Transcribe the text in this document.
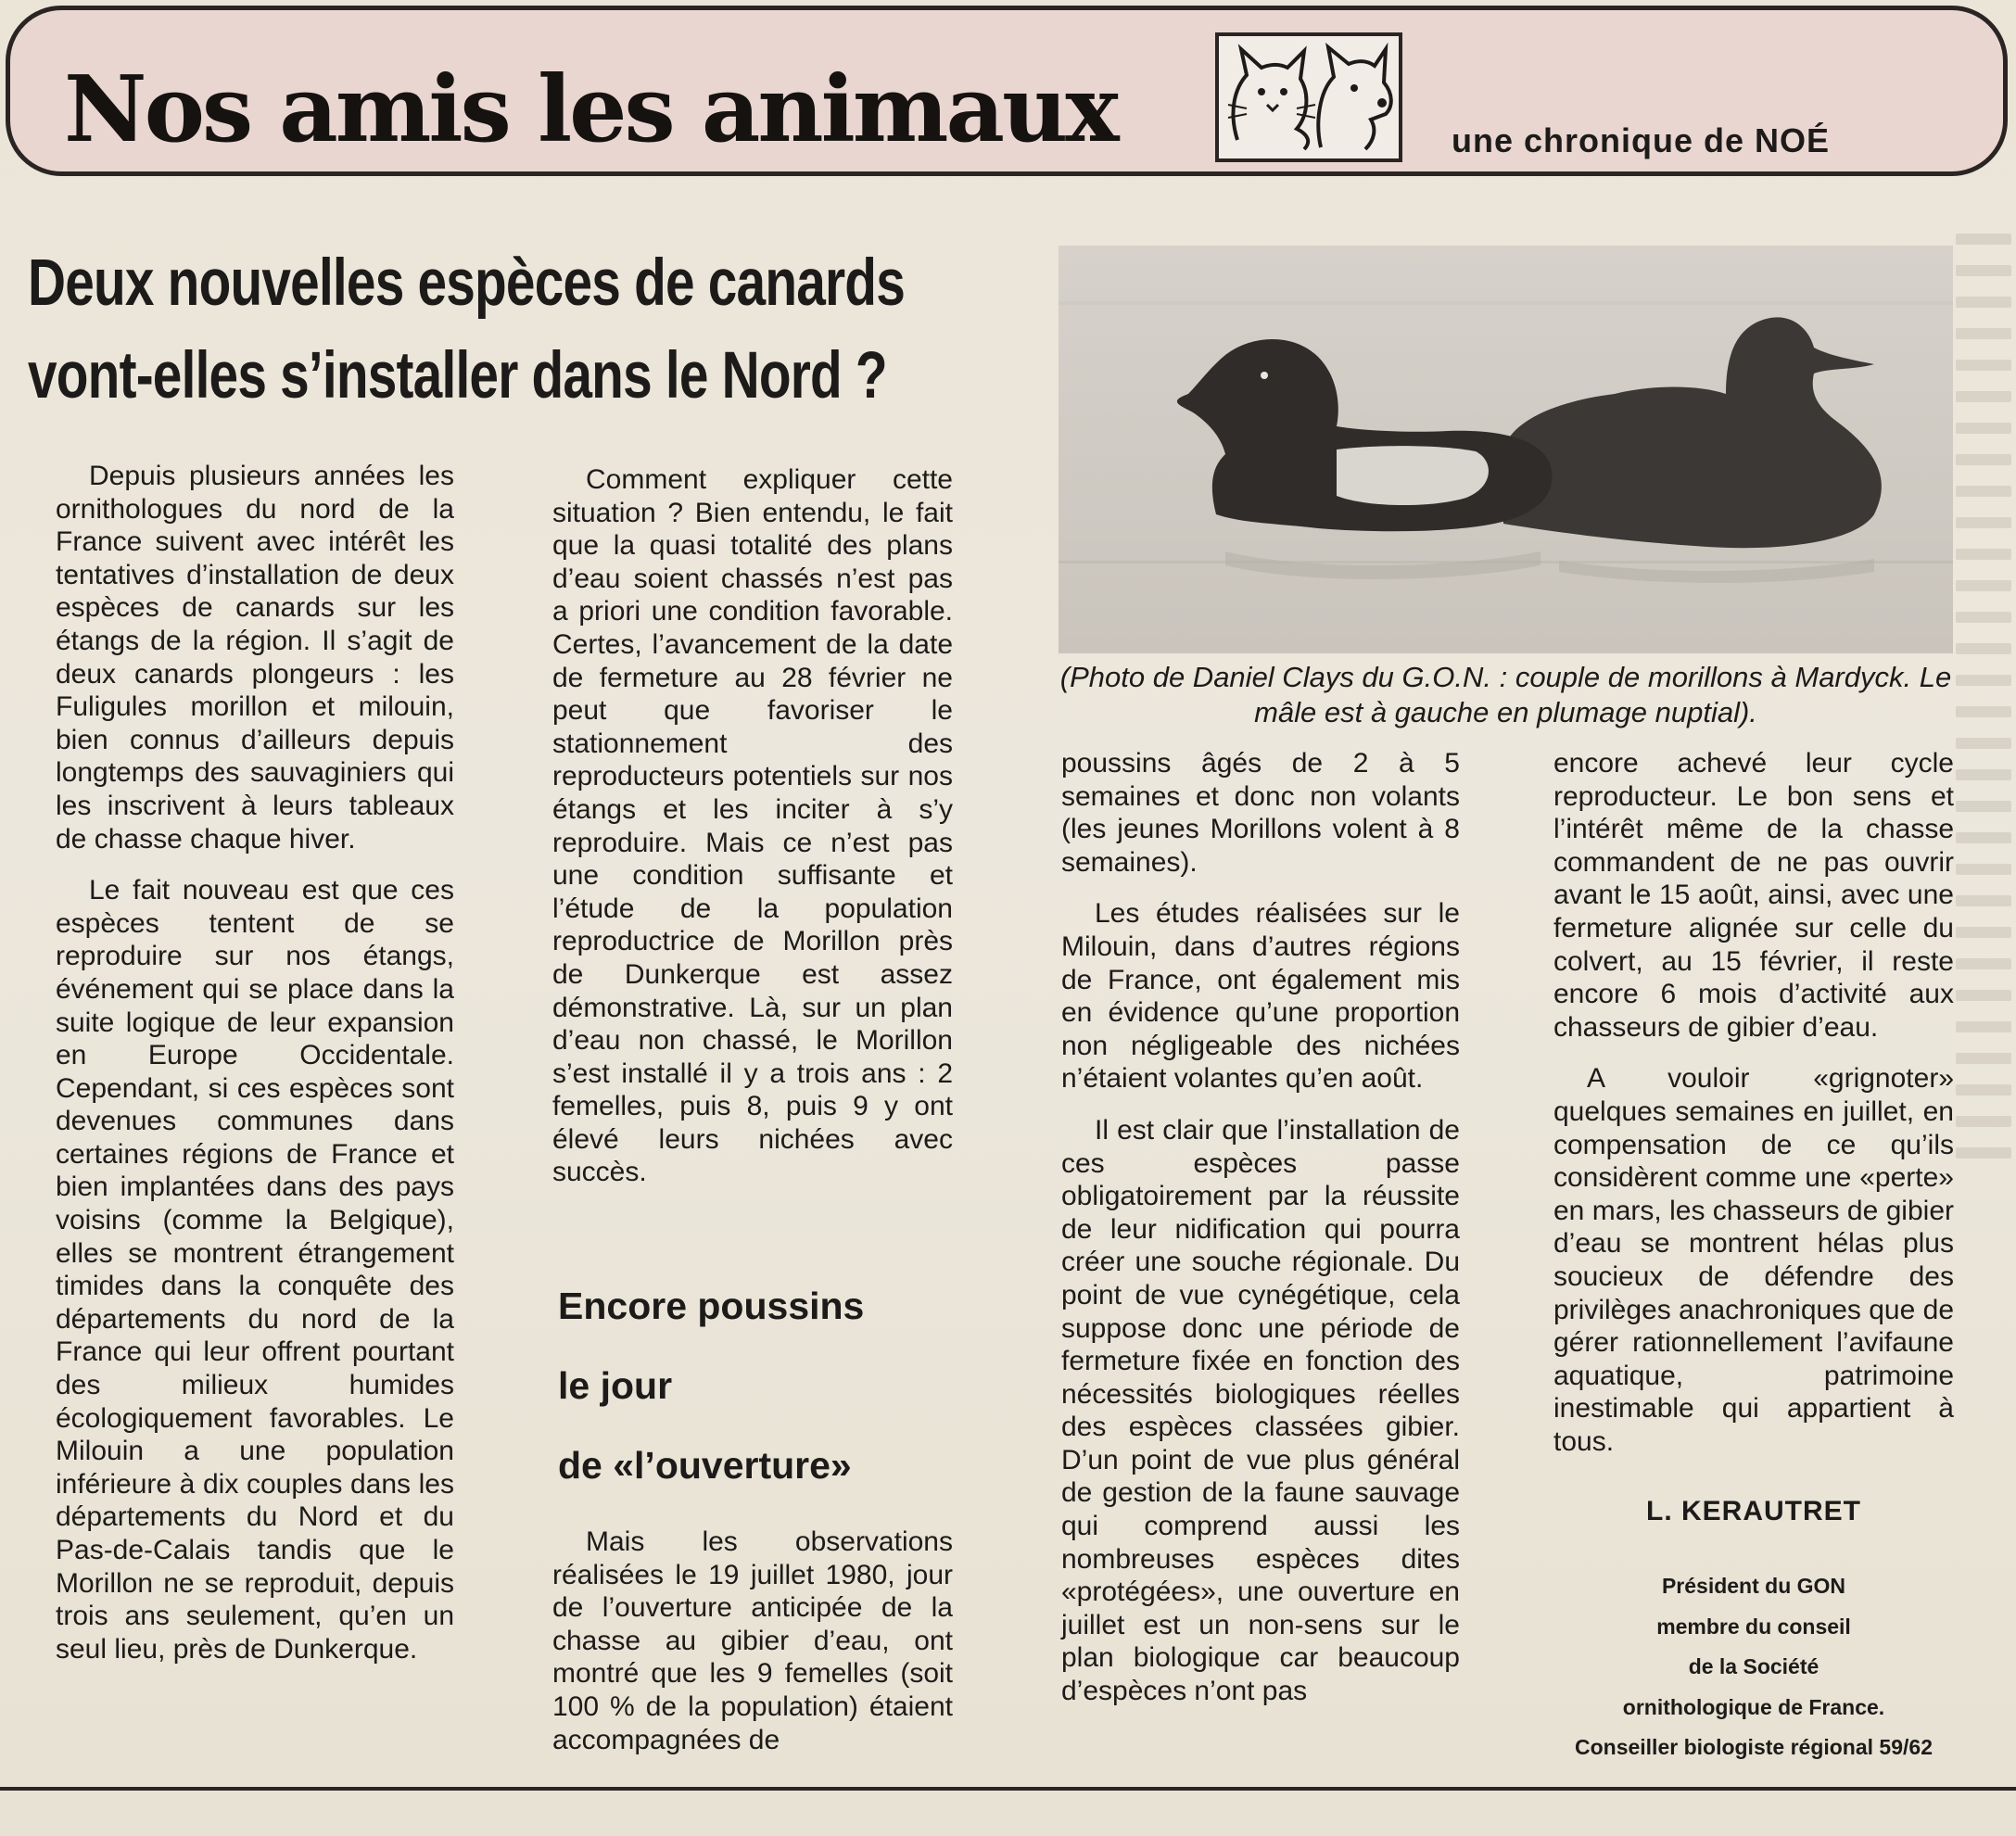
Nos amis les animaux	une chronique de NOÉ
Deux nouvelles espèces de canards
vont-elles s’installer dans le Nord ?
(Photo de Daniel Clays du G.O.N. : couple de morillons à Mardyck. Le mâle est à gauche en plumage nuptial).

Depuis plusieurs années les ornithologues du nord de la France suivent avec intérêt les tentatives d’installation de deux espèces de canards sur les étangs de la région. Il s’agit de deux canards plongeurs : les Fuligules morillon et milouin, bien connus d’ailleurs depuis longtemps des sauvaginiers qui les inscrivent à leurs tableaux de chasse chaque hiver.

Le fait nouveau est que ces espèces tentent de se reproduire sur nos étangs, événement qui se place dans la suite logique de leur expansion en Europe Occidentale. Cependant, si ces espèces sont devenues communes dans certaines régions de France et bien implantées dans des pays voisins (comme la Belgique), elles se montrent étrangement timides dans la conquête des départements du nord de la France qui leur offrent pourtant des milieux humides écologiquement favorables. Le Milouin a une population inférieure à dix couples dans les départements du Nord et du Pas-de-Calais tandis que le Morillon ne se reproduit, depuis trois ans seulement, qu’en un seul lieu, près de Dunkerque.

Comment expliquer cette situation ? Bien entendu, le fait que la quasi totalité des plans d’eau soient chassés n’est pas a priori une condition favorable. Certes, l’avancement de la date de fermeture au 28 février ne peut que favoriser le stationnement des reproducteurs potentiels sur nos étangs et les inciter à s’y reproduire. Mais ce n’est pas une condition suffisante et l’étude de la population reproductrice de Morillon près de Dunkerque est assez démonstrative. Là, sur un plan d’eau non chassé, le Morillon s’est installé il y a trois ans : 2 femelles, puis 8, puis 9 y ont élevé leurs nichées avec succès.

Encore poussins
le jour
de «l’ouverture»

Mais les observations réalisées le 19 juillet 1980, jour de l’ouverture anticipée de la chasse au gibier d’eau, ont montré que les 9 femelles (soit 100 % de la population) étaient accompagnées de

poussins âgés de 2 à 5 semaines et donc non volants (les jeunes Morillons volent à 8 semaines).

Les études réalisées sur le Milouin, dans d’autres régions de France, ont également mis en évidence qu’une proportion non négligeable des nichées n’étaient volantes qu’en août.

Il est clair que l’installation de ces espèces passe obligatoirement par la réussite de leur nidification qui pourra créer une souche régionale. Du point de vue cynégétique, cela suppose donc une période de fermeture fixée en fonction des nécessités biologiques réelles des espèces classées gibier. D’un point de vue plus général de gestion de la faune sauvage qui comprend aussi les nombreuses espèces dites «protégées», une ouverture en juillet est un non-sens sur le plan biologique car beaucoup d’espèces n’ont pas

encore achevé leur cycle reproducteur. Le bon sens et l’intérêt même de la chasse commandent de ne pas ouvrir avant le 15 août, ainsi, avec une fermeture alignée sur celle du colvert, au 15 février, il reste encore 6 mois d’activité aux chasseurs de gibier d’eau.

A vouloir «grignoter» quelques semaines en juillet, en compensation de ce qu’ils considèrent comme une «perte» en mars, les chasseurs de gibier d’eau se montrent hélas plus soucieux de défendre des privilèges anachroniques que de gérer rationnellement l’avifaune aquatique, patrimoine inestimable qui appartient à tous.

L. KERAUTRET
Président du GON
membre du conseil
de la Société
ornithologique de France.
Conseiller biologiste régional 59/62
